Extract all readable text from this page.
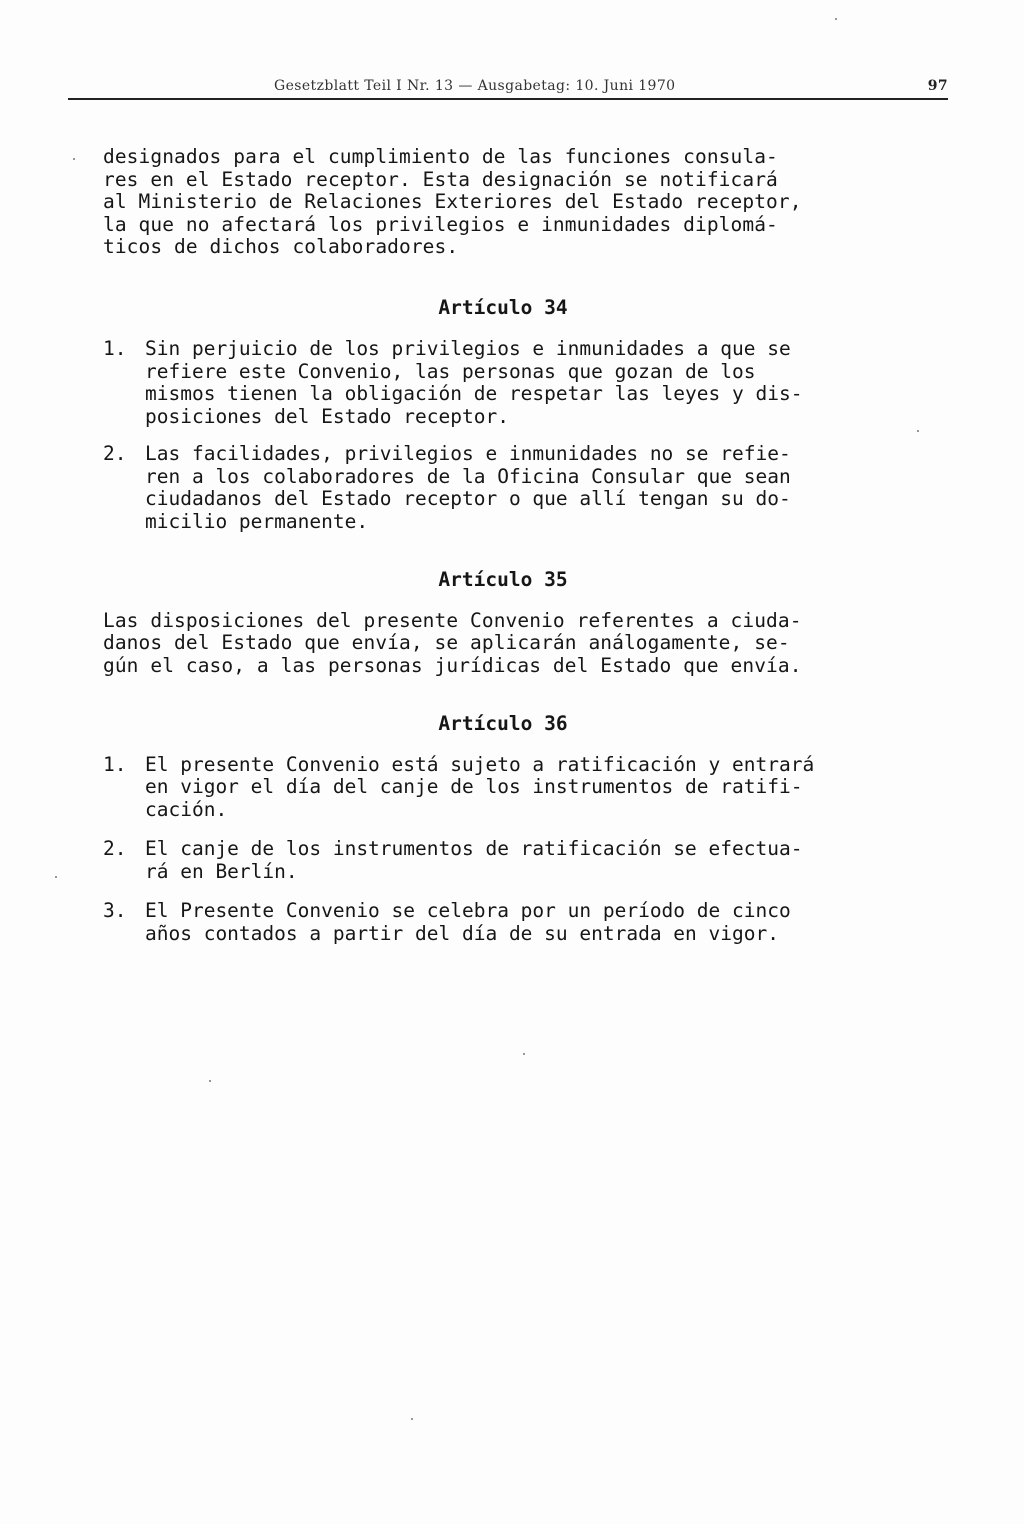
Gesetzblatt Teil I Nr. 13 — Ausgabetag: 10. Juni 1970	97

designados para el cumplimiento de las funciones consula-

res en el Estado receptor. Esta designación se notificará

al Ministerio de Relaciones Exteriores del Estado receptor,

la que no afectará los privilegios e inmunidades diplomá-

ticos de dichos colaboradores.

Artículo 34
1. Sin perjuicio de los privilegios e inmunidades a que se

refiere este Convenio, las personas que gozan de los

mismos tienen la obligación de respetar las leyes y dis-

posiciones del Estado receptor.

2. Las facilidades, privilegios e inmunidades no se refie-

ren a los colaboradores de la Oficina Consular que sean

ciudadanos del Estado receptor o que allí tengan su do-

micilio permanente.

Artículo 35

Las disposiciones del presente Convenio referentes a ciuda-

danos del Estado que envía, se aplicarán análogamente, se-

gún el caso, a las personas jurídicas del Estado que envía.

Artículo 36
1. El presente Convenio está sujeto a ratificación y entrará

en vigor el día del canje de los instrumentos de ratifi-

cación.

2. El canje de los instrumentos de ratificación se efectua-

rá en Berlín.

3. El Presente Convenio se celebra por un período de cinco

años contados a partir del día de su entrada en vigor.
